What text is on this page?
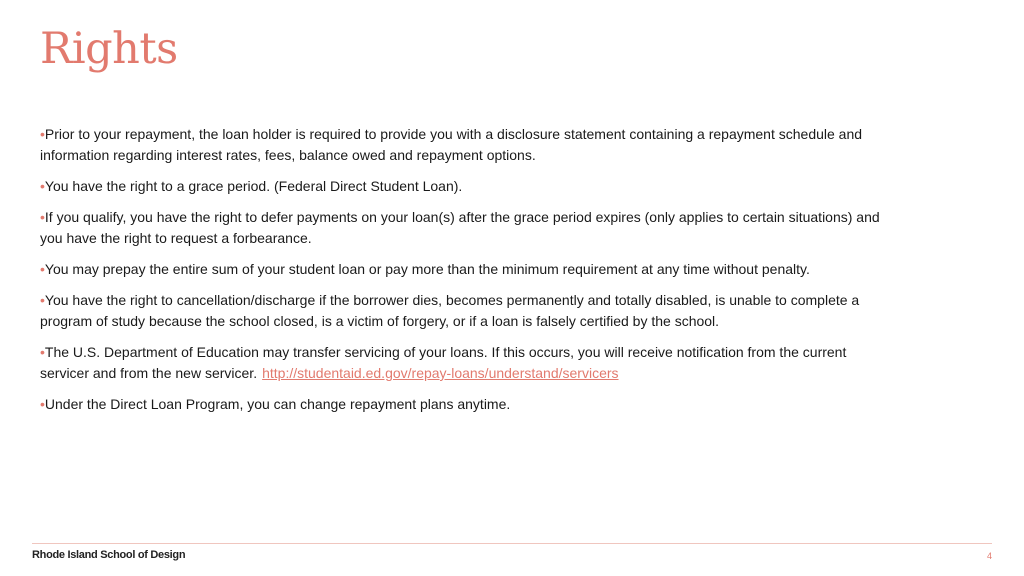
Rights
•Prior to your repayment, the loan holder is required to provide you with a disclosure statement containing a repayment schedule and information regarding interest rates, fees, balance owed and repayment options.
•You have the right to a grace period. (Federal Direct Student Loan).
•If you qualify, you have the right to defer payments on your loan(s) after the grace period expires (only applies to certain situations) and you have the right to request a forbearance.
•You may prepay the entire sum of your student loan or pay more than the minimum requirement at any time without penalty.
•You have the right to cancellation/discharge if the borrower dies, becomes permanently and totally disabled, is unable to complete a program of study because the school closed, is a victim of forgery, or if a loan is falsely certified by the school.
•The U.S. Department of Education may transfer servicing of your loans. If this occurs, you will receive notification from the current servicer and from the new servicer. http://studentaid.ed.gov/repay-loans/understand/servicers
•Under the Direct Loan Program, you can change repayment plans anytime.
Rhode Island School of Design	4
